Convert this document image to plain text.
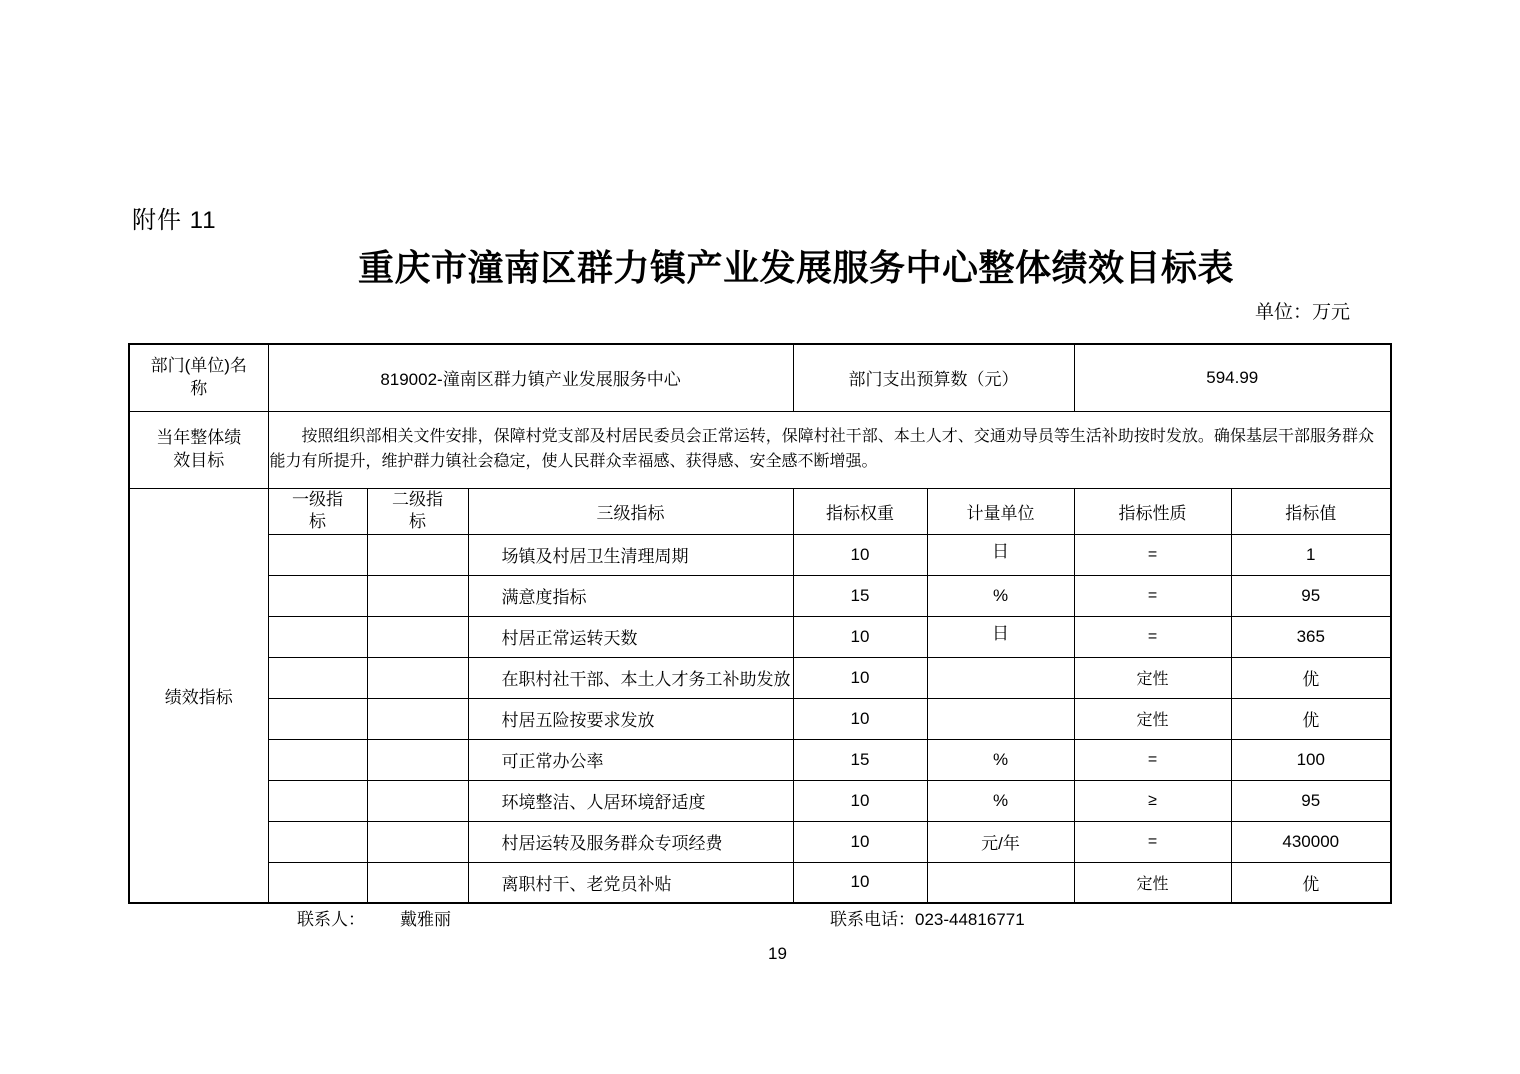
附件 11
重庆市潼南区群力镇产业发展服务中心整体绩效目标表
单位：万元
部门(单位)名称	819002-潼南区群力镇产业发展服务中心			部门支出预算数（元）		594.99	
当年整体绩效目标	按照组织部相关文件安排，保障村党支部及村居民委员会正常运转，保障村社干部、本土人才、交通劝导员等生活补助按时发放。确保基层干部服务群众能力有所提升，维护群力镇社会稳定，使人民群众幸福感、获得感、安全感不断增强。						
绩效指标	一级指标	二级指标	三级指标	指标权重	计量单位	指标性质	指标值
			场镇及村居卫生清理周期	10	日	=	1
			满意度指标	15	%	=	95
			村居正常运转天数	10	日	=	365
			在职村社干部、本土人才务工补助发放	10		定性	优
			村居五险按要求发放	10		定性	优
			可正常办公率	15	%	=	100
			环境整洁、人居环境舒适度	10	%	≥	95
			村居运转及服务群众专项经费	10	元/年	=	430000
			离职村干、老党员补贴	10		定性	优
联系人： 戴雅丽	联系电话：023-44816771
19
